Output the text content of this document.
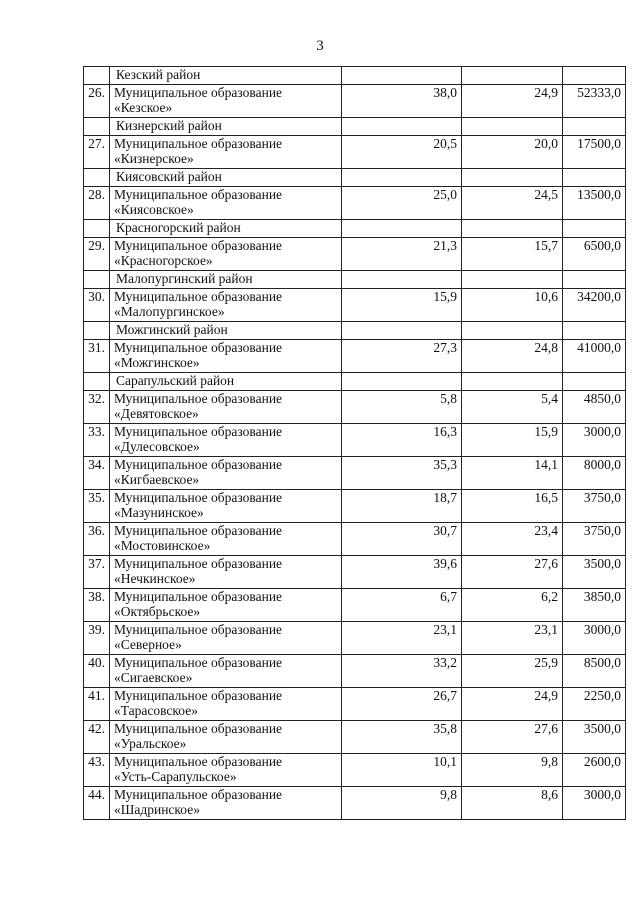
3
	Кезский район			
26.	Муниципальное образование
«Кезское»	38,0	24,9	52333,0
	Кизнерский район			
27.	Муниципальное образование
«Кизнерское»	20,5	20,0	17500,0
	Киясовский район			
28.	Муниципальное образование
«Киясовское»	25,0	24,5	13500,0
	Красногорский район			
29.	Муниципальное образование
«Красногорское»	21,3	15,7	6500,0
	Малопургинский район			
30.	Муниципальное образование
«Малопургинское»	15,9	10,6	34200,0
	Можгинский район			
31.	Муниципальное образование
«Можгинское»	27,3	24,8	41000,0
	Сарапульский район			
32.	Муниципальное образование
«Девятовское»	5,8	5,4	4850,0
33.	Муниципальное образование
«Дулесовское»	16,3	15,9	3000,0
34.	Муниципальное образование
«Кигбаевское»	35,3	14,1	8000,0
35.	Муниципальное образование
«Мазунинское»	18,7	16,5	3750,0
36.	Муниципальное образование
«Мостовинское»	30,7	23,4	3750,0
37.	Муниципальное образование
«Нечкинское»	39,6	27,6	3500,0
38.	Муниципальное образование
«Октябрьское»	6,7	6,2	3850,0
39.	Муниципальное образование
«Северное»	23,1	23,1	3000,0
40.	Муниципальное образование
«Сигаевское»	33,2	25,9	8500,0
41.	Муниципальное образование
«Тарасовское»	26,7	24,9	2250,0
42.	Муниципальное образование
«Уральское»	35,8	27,6	3500,0
43.	Муниципальное образование
«Усть-Сарапульское»	10,1	9,8	2600,0
44.	Муниципальное образование
«Шадринское»	9,8	8,6	3000,0
